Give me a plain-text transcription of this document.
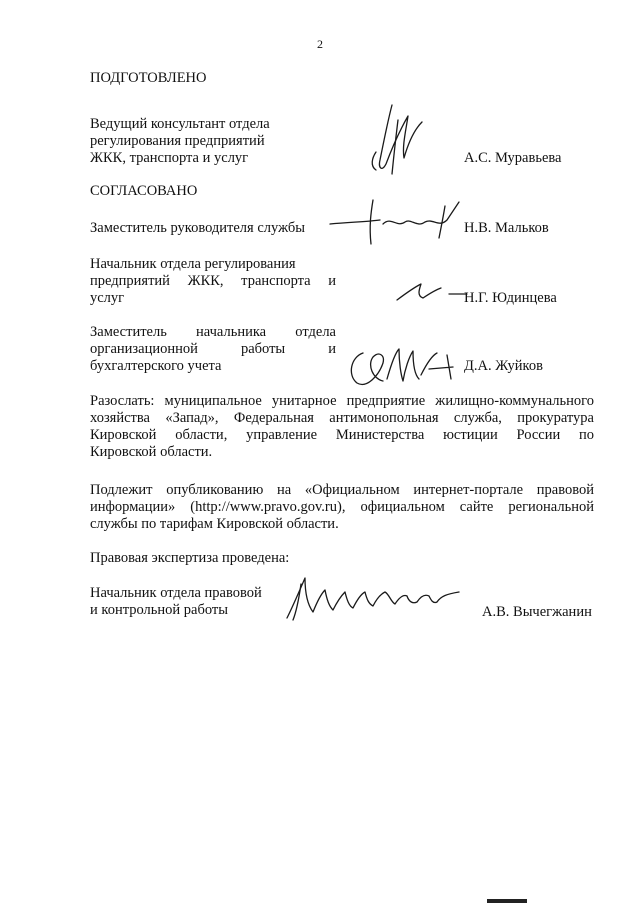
2
ПОДГОТОВЛЕНО
Ведущий консультант отдела
регулирования предприятий
ЖКК, транспорта и услуг	А.С. Муравьева
СОГЛАСОВАНО
Заместитель руководителя службы	Н.В. Мальков
Начальник отдела регулирования
предприятий ЖКК, транспорта и
услуг	Н.Г. Юдинцева
Заместитель начальника отдела
организационной работы и
бухгалтерского учета	Д.А. Жуйков
Разослать: муниципальное унитарное предприятие жилищно-коммунального
хозяйства «Запад», Федеральная антимонопольная служба, прокуратура
Кировской области, управление Министерства юстиции России по
Кировской области.
Подлежит опубликованию на «Официальном интернет-портале правовой
информации» (http://www.pravo.gov.ru), официальном сайте региональной
службы по тарифам Кировской области.
Правовая экспертиза проведена:
Начальник отдела правовой
и контрольной работы	А.В. Вычегжанин
